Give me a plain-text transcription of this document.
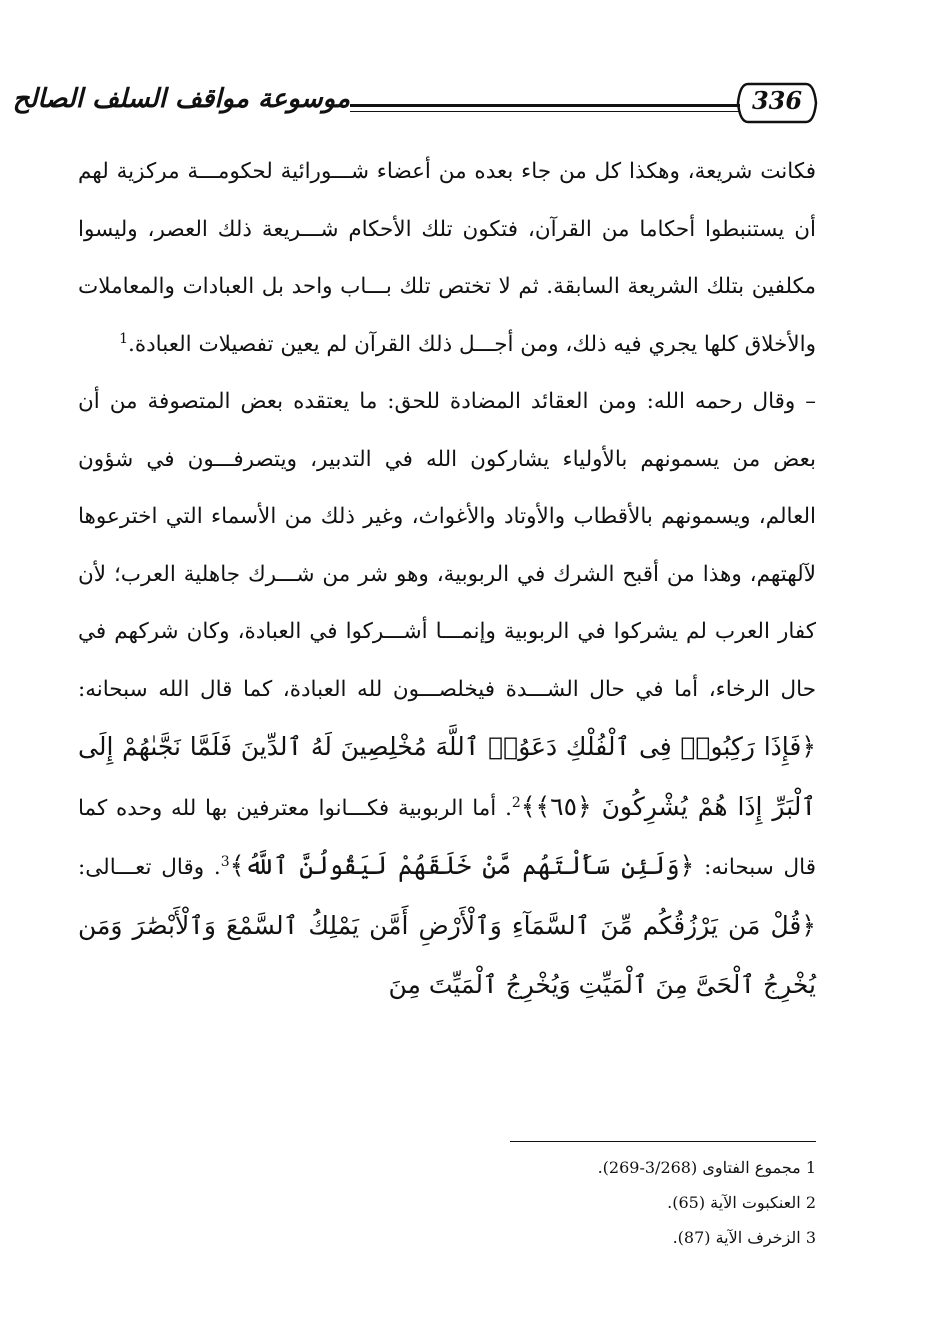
موسوعة مواقف السلف الصالح	336

فكانت شريعة، وهكذا كل من جاء بعده من أعضاء شـــورائية لحكومـــة مركزية لهم أن يستنبطوا أحكاما من القرآن، فتكون تلك الأحكام شـــريعة ذلك العصر، وليسوا مكلفين بتلك الشريعة السابقة. ثم لا تختص تلك بـــاب واحد بل العبادات والمعاملات والأخلاق كلها يجري فيه ذلك، ومن أجـــل ذلك القرآن لم يعين تفصيلات العبادة.$^1$

– وقال رحمه الله: ومن العقائد المضادة للحق: ما يعتقده بعض المتصوفة من أن بعض من يسمونهم بالأولياء يشاركون الله في التدبير، ويتصرفـــون في شؤون العالم، ويسمونهم بالأقطاب والأوتاد والأغواث، وغير ذلك من الأسماء التي اخترعوها لآلهتهم، وهذا من أقبح الشرك في الربوبية، وهو شر من شـــرك جاهلية العرب؛ لأن كفار العرب لم يشركوا في الربوبية وإنمـــا أشـــركوا في العبادة، وكان شركهم في حال الرخاء، أما في حال الشـــدة فيخلصـــون لله العبادة، كما قال الله سبحانه: ﴿فَإِذَا رَكِبُوا۟ فِى ٱلْفُلْكِ دَعَوُا۟ ٱللَّهَ مُخْلِصِينَ لَهُ ٱلدِّينَ فَلَمَّا نَجَّىٰهُمْ إِلَى ٱلْبَرِّ إِذَا هُمْ يُشْرِكُونَ ﴿٦٥﴾﴾$^2$. أما الربوبية فكـــانوا معترفين بها لله وحده كما قال سبحانه: ﴿وَلَئِن سَأَلْتَهُم مَّنْ خَلَقَهُمْ لَيَقُولُنَّ ٱللَّهُ﴾$^3$. وقال تعـــالى: ﴿قُلْ مَن يَرْزُقُكُم مِّنَ ٱلسَّمَآءِ وَٱلْأَرْضِ أَمَّن يَمْلِكُ ٱلسَّمْعَ وَٱلْأَبْصَٰرَ وَمَن يُخْرِجُ ٱلْحَىَّ مِنَ ٱلْمَيِّتِ وَيُخْرِجُ ٱلْمَيِّتَ مِنَ

1 مجموع الفتاوى (3/268-269).
2 العنكبوت الآية (65).
3 الزخرف الآية (87).
